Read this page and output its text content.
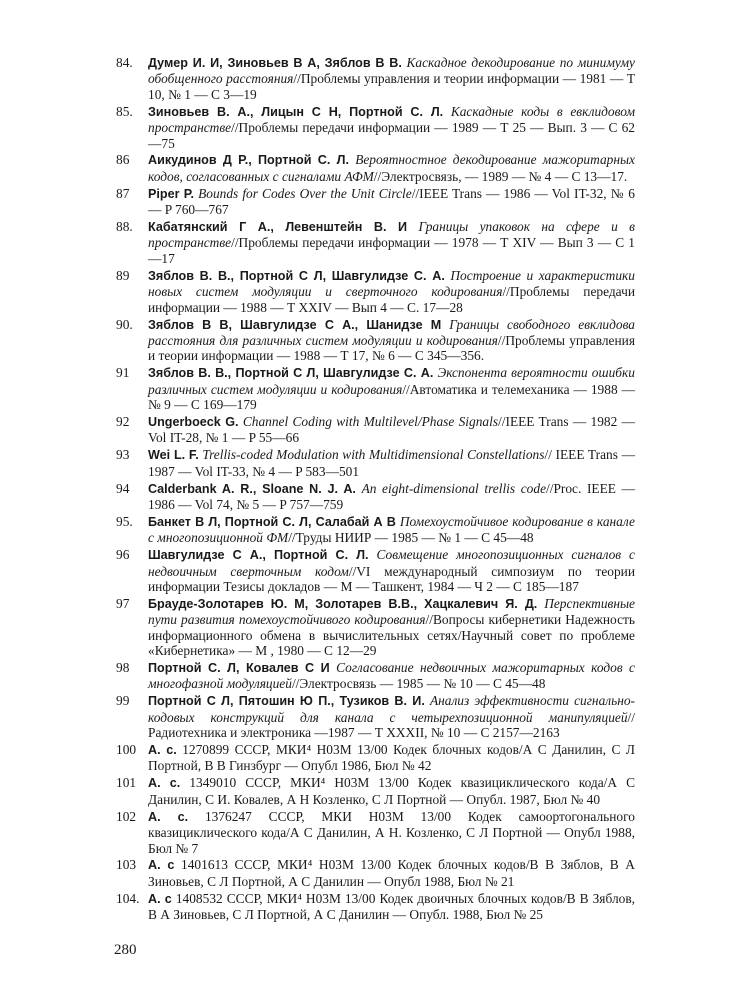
84.	Думер И. И, Зиновьев В А, Зяблов В В. Каскадное декодирование по минимуму обобщенного расстояния//Проблемы управления и теории информации — 1981 — Т 10, № 1 — С 3—19
85.	Зиновьев В. А., Лицын С Н, Портной С. Л. Каскадные коды в евклидовом пространстве//Проблемы передачи информации — 1989 — Т 25 — Вып. 3 — С 62—75
86	Аикудинов Д Р., Портной С. Л. Вероятностное декодирование мажоритарных кодов, согласованных с сигналами АФМ//Электросвязь, — 1989 — № 4 — С 13—17.
87	Piper P. Bounds for Codes Over the Unit Circle//IEEE Trans — 1986 — Vol IT-32, № 6 — P 760—767
88.	Кабатянский Г А., Левенштейн В. И Границы упаковок на сфере и в пространстве//Проблемы передачи информации — 1978 — Т XIV — Вып 3 — С 1—17
89	Зяблов В. В., Портной С Л, Шавгулидзе С. А. Построение и характеристики новых систем модуляции и сверточного кодирования//Проблемы передачи информации — 1988 — Т XXIV — Вып 4 — С. 17—28
90.	Зяблов В В, Шавгулидзе С А., Шанидзе М Границы свободного евклидова расстояния для различных систем модуляции и кодирования//Проблемы управления и теории информации — 1988 — Т 17, № 6 — С 345—356.
91	Зяблов В. В., Портной С Л, Шавгулидзе С. А. Экспонента вероятности ошибки различных систем модуляции и кодирования//Автоматика и телемеханика — 1988 — № 9 — С 169—179
92	Ungerboeck G. Channel Coding with Multilevel/Phase Signals//IEEE Trans — 1982 — Vol IT-28, № 1 — P 55—66
93	Wei L. F. Trellis-coded Modulation with Multidimensional Constellations// IEEE Trans — 1987 — Vol IT-33, № 4 — P 583—501
94	Calderbank A. R., Sloane N. J. A. An eight-dimensional trellis code//Proc. IEEE — 1986 — Vol 74, № 5 — P 757—759
95.	Банкет В Л, Портной С. Л, Салабай А В Помехоустойчивое кодирование в канале с многопозиционной ФМ//Труды НИИР — 1985 — № 1 — С 45—48
96	Шавгулидзе С А., Портной С. Л. Совмещение многопозиционных сигналов с недвоичным сверточным кодом//VI международный симпозиум по теории информации Тезисы докладов — М — Ташкент, 1984 — Ч 2 — С 185—187
97	Брауде-Золотарев Ю. М, Золотарев В.В., Хацкалевич Я. Д. Перспективные пути развития помехоустойчивого кодирования//Вопросы кибернетики Надежность информационного обмена в вычислительных сетях/Научный совет по проблеме «Кибернетика» — М , 1980 — С 12—29
98	Портной С. Л, Ковалев С И Согласование недвоичных мажоритарных кодов с многофазной модуляцией//Электросвязь — 1985 — № 10 — С 45—48
99	Портной С Л, Пятошин Ю П., Тузиков В. И. Анализ эффективности сигнально-кодовых конструкций для канала с четырехпозиционной манипуляцией//Радиотехника и электроника —1987 — Т XXXII, № 10 — С 2157—2163
100 А. с. 1270899 СССР, МКИ⁴ Н03М 13/00 Кодек блочных кодов/А С Данилин, С Л Портной, В В Гинзбург — Опубл 1986, Бюл № 42
101 А. с. 1349010 СССР, МКИ⁴ Н03М 13/00 Кодек квазициклического кода/А С Данилин, С И. Ковалев, А Н Козленко, С Л Портной — Опубл. 1987, Бюл № 40
102 А. с. 1376247 СССР, МКИ Н03М 13/00 Кодек самоортогонального квазициклического кода/А С Данилин, А Н. Козленко, С Л Портной — Опубл 1988, Бюл № 7
103 А. с 1401613 СССР, МКИ⁴ Н03М 13/00 Кодек блочных кодов/В В Зяблов, В А Зиновьев, С Л Портной, А С Данилин — Опубл 1988, Бюл № 21
104. А. с 1408532 СССР, МКИ⁴ Н03М 13/00 Кодек двоичных блочных кодов/В В Зяблов, В А Зиновьев, С Л Портной, А С Данилин — Опубл. 1988, Бюл № 25
280
